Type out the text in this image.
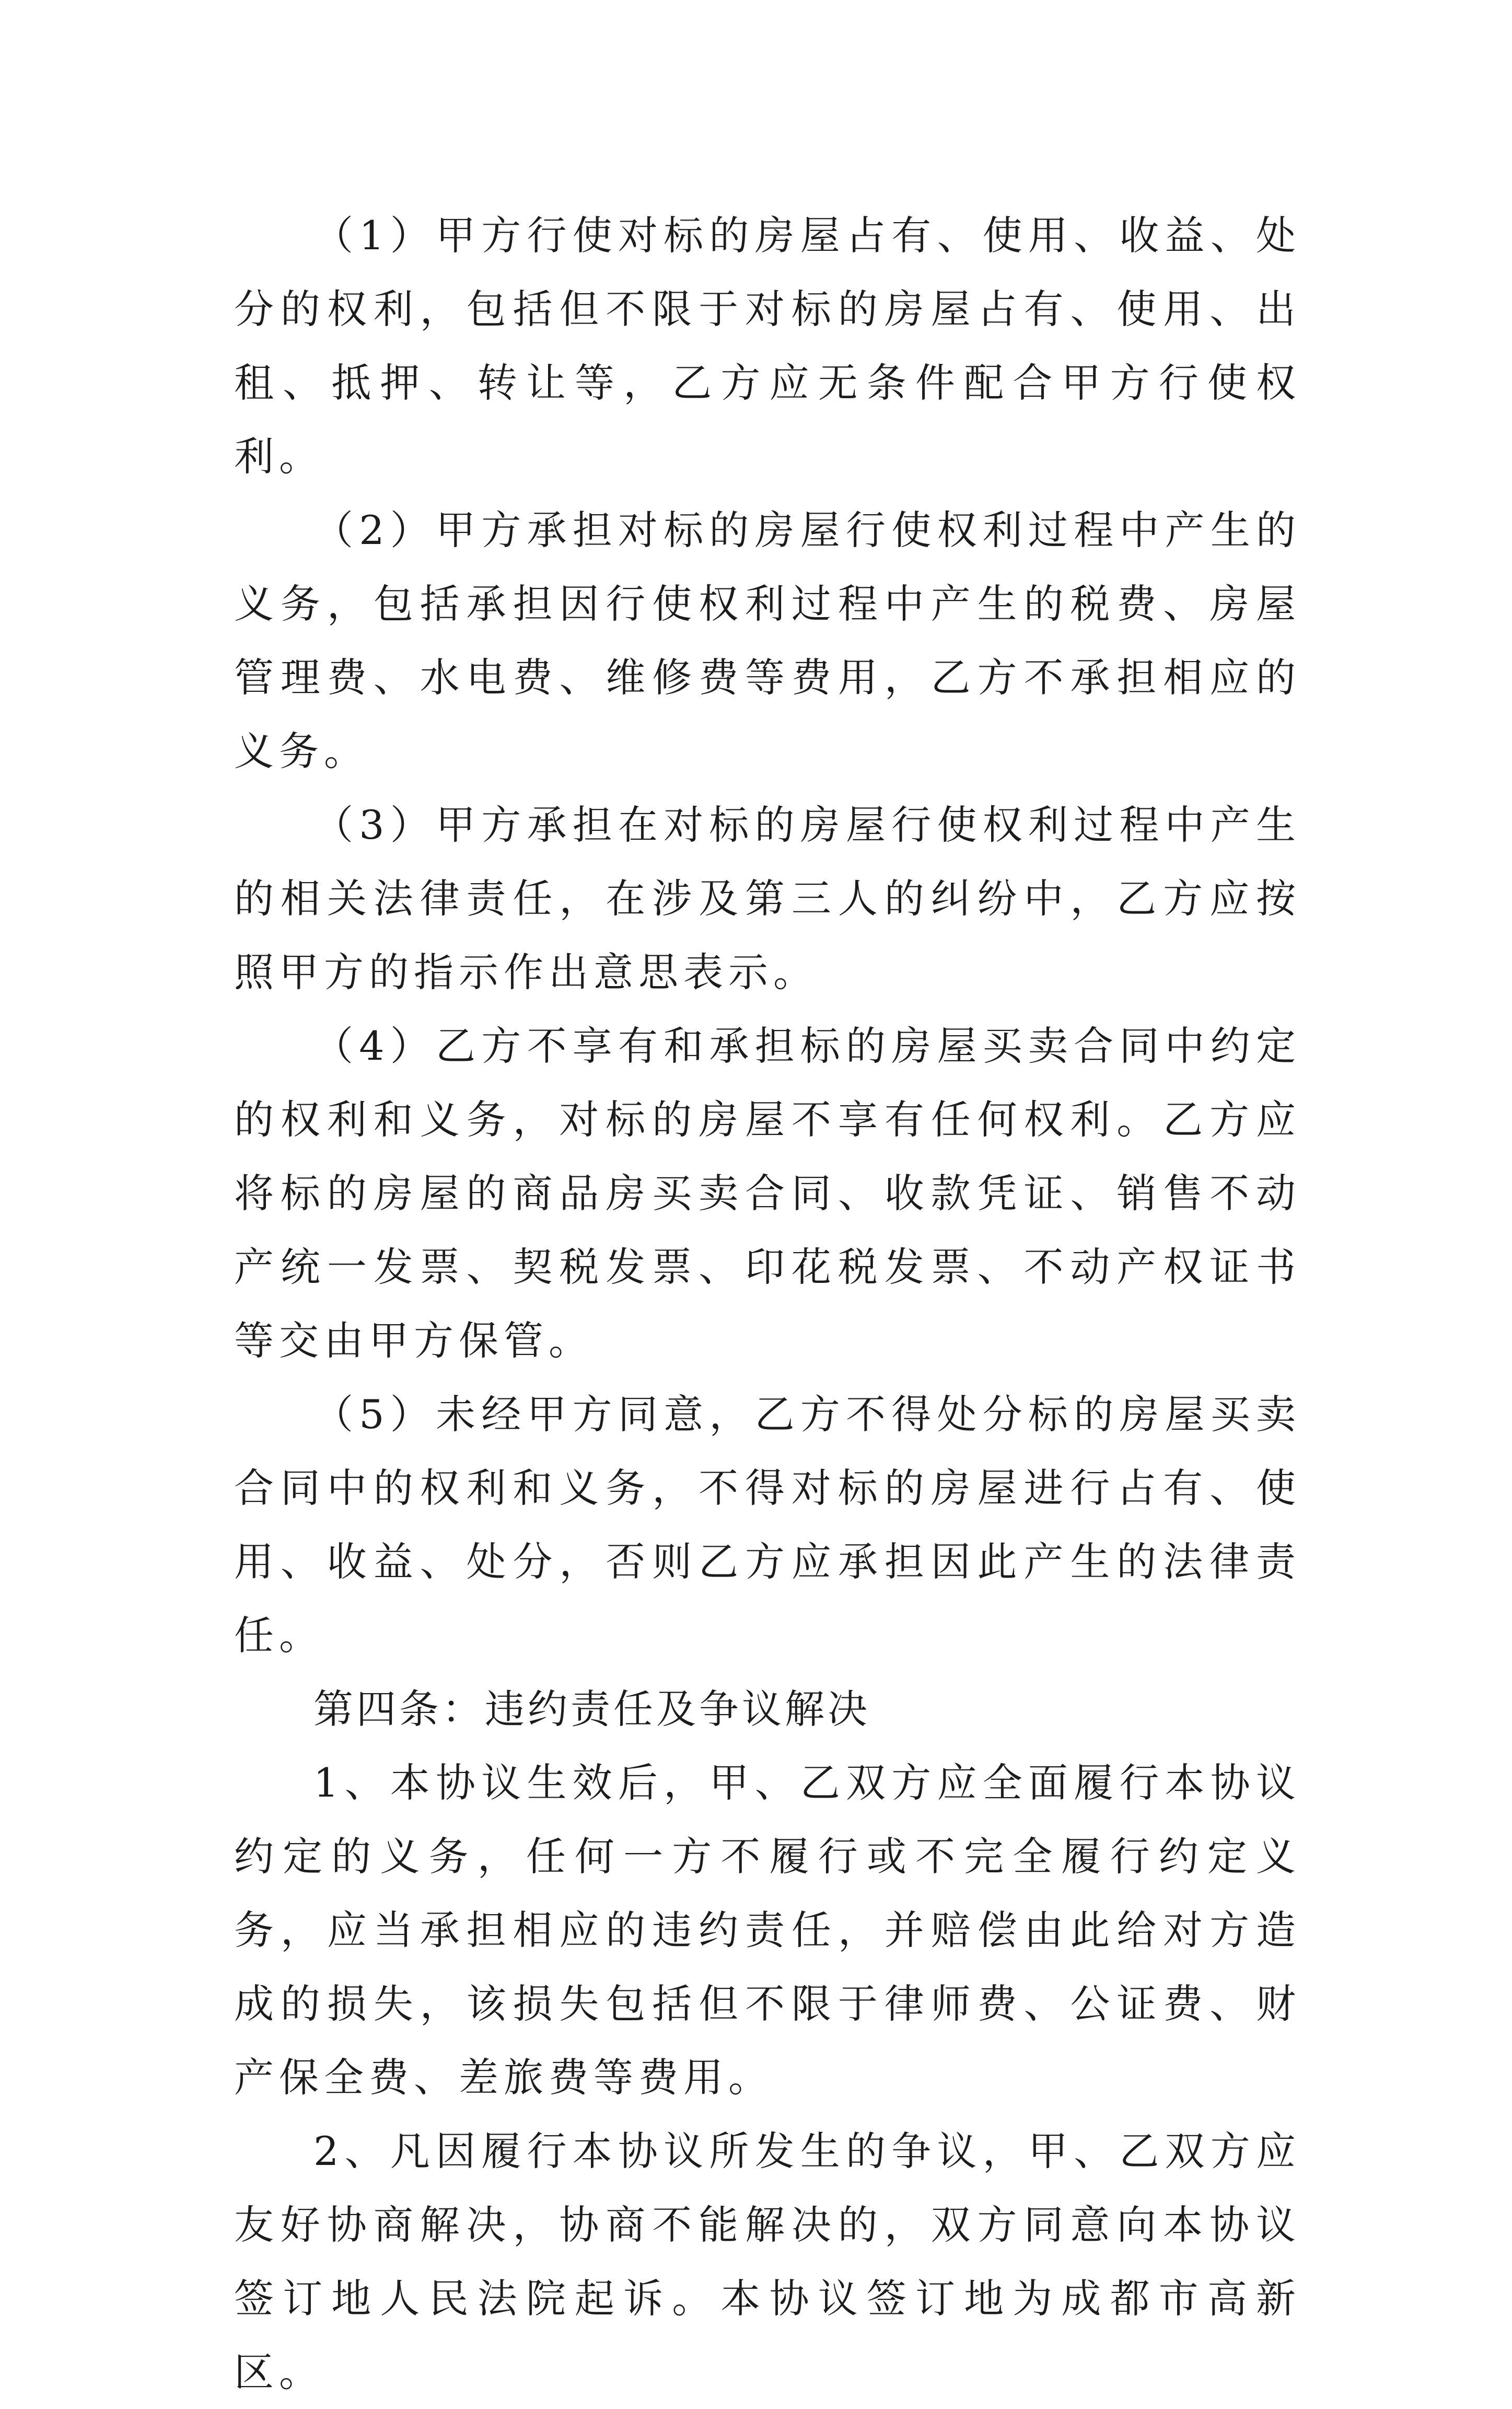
（1）甲方行使对标的房屋占有、使用、收益、处分的权利，包括但不限于对标的房屋占有、使用、出租、抵押、转让等，乙方应无条件配合甲方行使权利。

（2）甲方承担对标的房屋行使权利过程中产生的义务，包括承担因行使权利过程中产生的税费、房屋管理费、水电费、维修费等费用，乙方不承担相应的义务。

（3）甲方承担在对标的房屋行使权利过程中产生的相关法律责任，在涉及第三人的纠纷中，乙方应按照甲方的指示作出意思表示。

（4）乙方不享有和承担标的房屋买卖合同中约定的权利和义务，对标的房屋不享有任何权利。乙方应将标的房屋的商品房买卖合同、收款凭证、销售不动产统一发票、契税发票、印花税发票、不动产权证书等交由甲方保管。

（5）未经甲方同意，乙方不得处分标的房屋买卖合同中的权利和义务，不得对标的房屋进行占有、使用、收益、处分，否则乙方应承担因此产生的法律责任。

第四条：违约责任及争议解决

1、本协议生效后，甲、乙双方应全面履行本协议约定的义务，任何一方不履行或不完全履行约定义务，应当承担相应的违约责任，并赔偿由此给对方造成的损失，该损失包括但不限于律师费、公证费、财产保全费、差旅费等费用。

2、凡因履行本协议所发生的争议，甲、乙双方应友好协商解决，协商不能解决的，双方同意向本协议签订地人民法院起诉。本协议签订地为成都市高新区。
